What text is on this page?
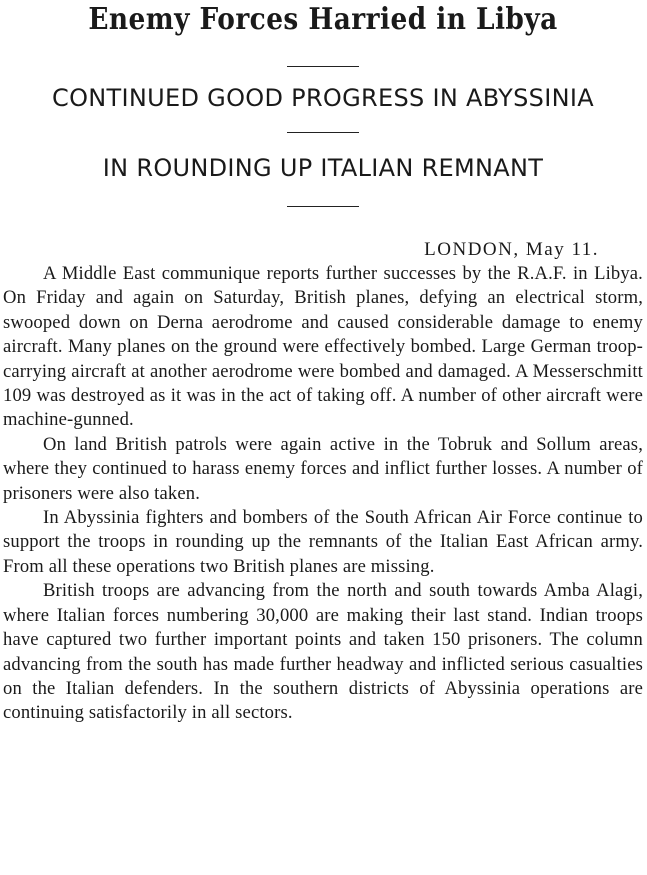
Enemy Forces Harried in Libya
CONTINUED GOOD PROGRESS IN ABYSSINIA
IN ROUNDING UP ITALIAN REMNANT
LONDON, May 11.

A Middle East communique reports further successes by the R.A.F. in Libya. On Friday and again on Saturday, British planes, defying an electrical storm, swooped down on Derna aerodrome and caused considerable damage to enemy aircraft. Many planes on the ground were effectively bombed. Large German troop-carrying aircraft at another aerodrome were bombed and damaged. A Messerschmitt 109 was destroyed as it was in the act of taking off. A number of other aircraft were machine-gunned.

On land British patrols were again active in the Tobruk and Sollum areas, where they continued to harass enemy forces and inflict further losses. A number of prisoners were also taken.

In Abyssinia fighters and bombers of the South African Air Force continue to support the troops in rounding up the remnants of the Italian East African army. From all these operations two British planes are missing.

British troops are advancing from the north and south towards Amba Alagi, where Italian forces numbering 30,000 are making their last stand. Indian troops have captured two further important points and taken 150 prisoners. The column advancing from the south has made further headway and inflicted serious casualties on the Italian defenders. In the southern districts of Abyssinia operations are continuing satisfactorily in all sectors.
